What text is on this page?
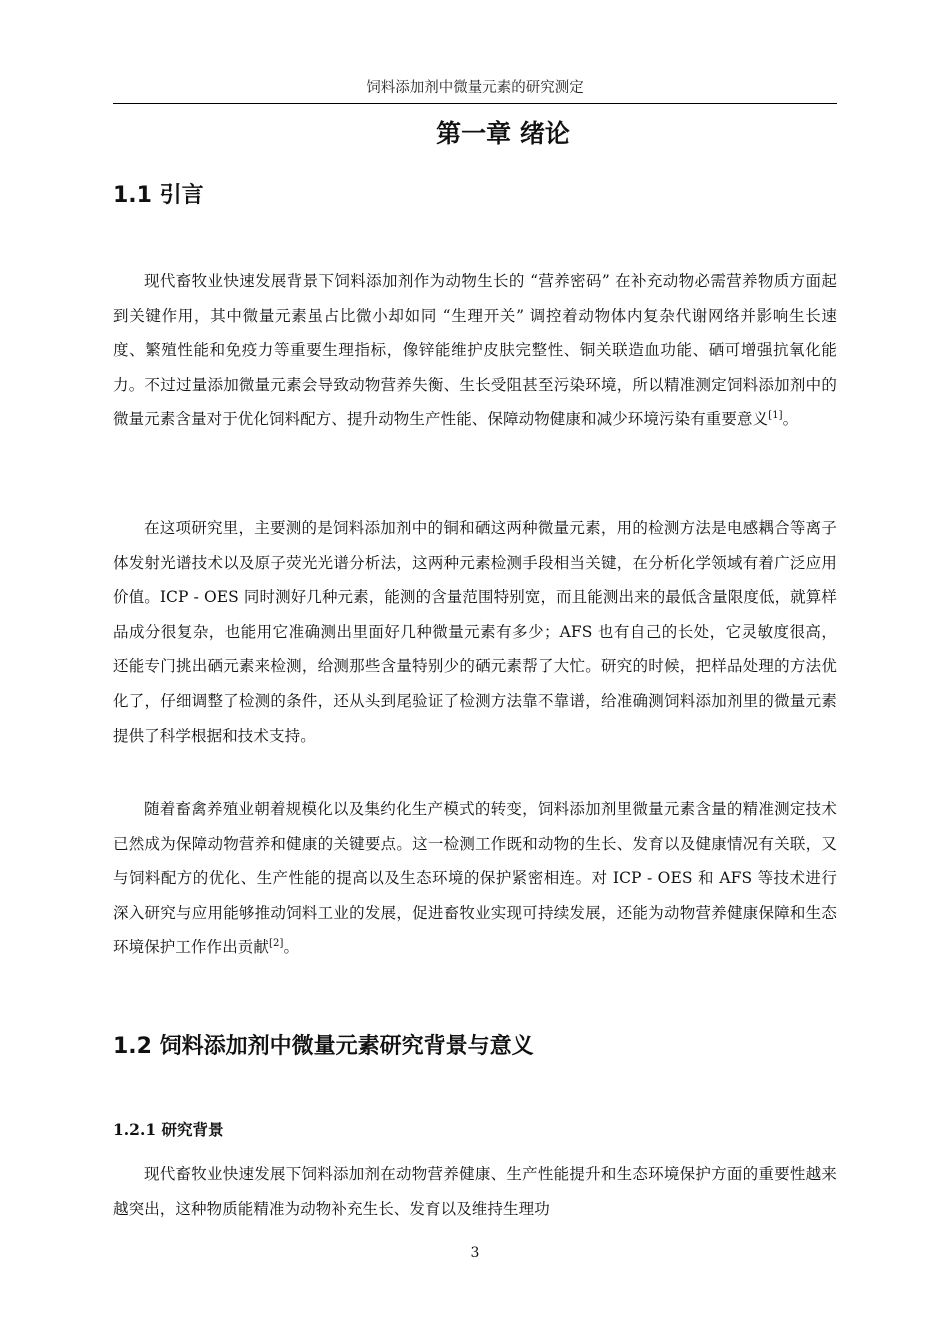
饲料添加剂中微量元素的研究测定
第一章 绪论
1.1 引言

现代畜牧业快速发展背景下饲料添加剂作为动物生长的 “营养密码” 在补充动物必需营养物质方面起到关键作用，其中微量元素虽占比微小却如同 “生理开关” 调控着动物体内复杂代谢网络并影响生长速度、繁殖性能和免疫力等重要生理指标，像锌能维护皮肤完整性、铜关联造血功能、硒可增强抗氧化能力。不过过量添加微量元素会导致动物营养失衡、生长受阻甚至污染环境，所以精准测定饲料添加剂中的微量元素含量对于优化饲料配方、提升动物生产性能、保障动物健康和减少环境污染有重要意义[1]。

在这项研究里，主要测的是饲料添加剂中的铜和硒这两种微量元素，用的检测方法是电感耦合等离子体发射光谱技术以及原子荧光光谱分析法，这两种元素检测手段相当关键，在分析化学领域有着广泛应用价值。ICP - OES 同时测好几种元素，能测的含量范围特别宽，而且能测出来的最低含量限度低，就算样品成分很复杂，也能用它准确测出里面好几种微量元素有多少；AFS 也有自己的长处，它灵敏度很高，还能专门挑出硒元素来检测，给测那些含量特别少的硒元素帮了大忙。研究的时候，把样品处理的方法优化了，仔细调整了检测的条件，还从头到尾验证了检测方法靠不靠谱，给准确测饲料添加剂里的微量元素提供了科学根据和技术支持。

随着畜禽养殖业朝着规模化以及集约化生产模式的转变，饲料添加剂里微量元素含量的精准测定技术已然成为保障动物营养和健康的关键要点。这一检测工作既和动物的生长、发育以及健康情况有关联，又与饲料配方的优化、生产性能的提高以及生态环境的保护紧密相连。对 ICP - OES 和 AFS 等技术进行深入研究与应用能够推动饲料工业的发展，促进畜牧业实现可持续发展，还能为动物营养健康保障和生态环境保护工作作出贡献[2]。

1.2 饲料添加剂中微量元素研究背景与意义
1.2.1 研究背景

现代畜牧业快速发展下饲料添加剂在动物营养健康、生产性能提升和生态环境保护方面的重要性越来越突出，这种物质能精准为动物补充生长、发育以及维持生理功

3
